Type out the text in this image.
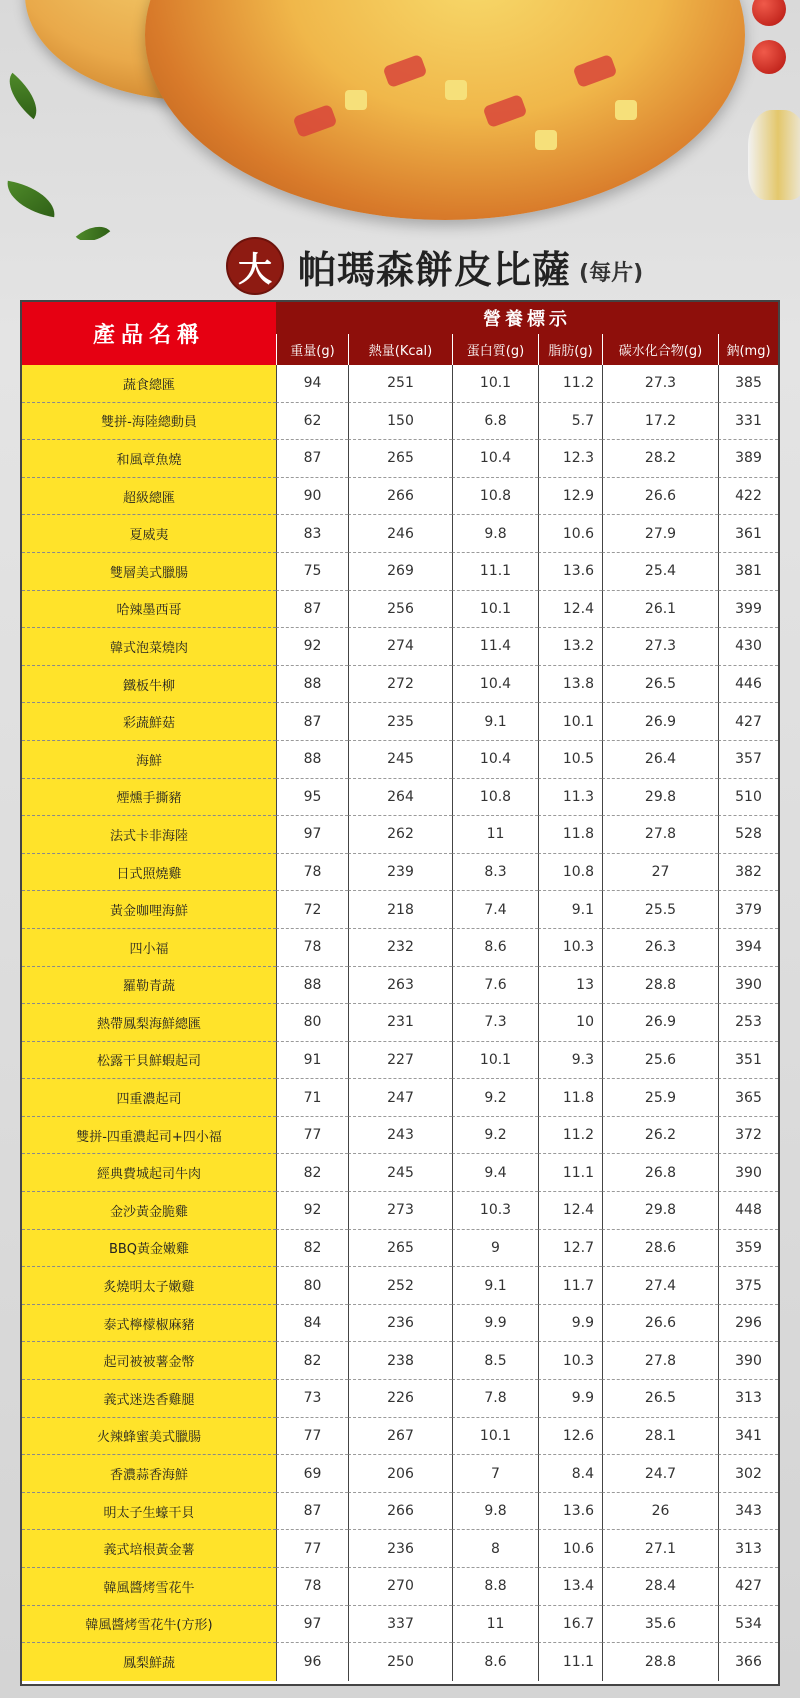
大 帕瑪森餅皮比薩 (每片)
產品名稱
營養標示
重量(g)	熱量(Kcal)	蛋白質(g)	脂肪(g)	碳水化合物(g)	鈉(mg)
蔬食總匯	94	251	10.1	11.2	27.3	385
雙拼-海陸總動員	62	150	6.8	5.7	17.2	331
和風章魚燒	87	265	10.4	12.3	28.2	389
超級總匯	90	266	10.8	12.9	26.6	422
夏威夷	83	246	9.8	10.6	27.9	361
雙層美式臘腸	75	269	11.1	13.6	25.4	381
哈辣墨西哥	87	256	10.1	12.4	26.1	399
韓式泡菜燒肉	92	274	11.4	13.2	27.3	430
鐵板牛柳	88	272	10.4	13.8	26.5	446
彩蔬鮮菇	87	235	9.1	10.1	26.9	427
海鮮	88	245	10.4	10.5	26.4	357
煙燻手撕豬	95	264	10.8	11.3	29.8	510
法式卡非海陸	97	262	11	11.8	27.8	528
日式照燒雞	78	239	8.3	10.8	27	382
黃金咖哩海鮮	72	218	7.4	9.1	25.5	379
四小福	78	232	8.6	10.3	26.3	394
羅勒青蔬	88	263	7.6	13	28.8	390
熱帶鳳梨海鮮總匯	80	231	7.3	10	26.9	253
松露干貝鮮蝦起司	91	227	10.1	9.3	25.6	351
四重濃起司	71	247	9.2	11.8	25.9	365
雙拼-四重濃起司+四小福	77	243	9.2	11.2	26.2	372
經典費城起司牛肉	82	245	9.4	11.1	26.8	390
金沙黃金脆雞	92	273	10.3	12.4	29.8	448
BBQ黃金嫩雞	82	265	9	12.7	28.6	359
炙燒明太子嫩雞	80	252	9.1	11.7	27.4	375
泰式檸檬椒麻豬	84	236	9.9	9.9	26.6	296
起司被被薯金幣	82	238	8.5	10.3	27.8	390
義式迷迭香雞腿	73	226	7.8	9.9	26.5	313
火辣蜂蜜美式臘腸	77	267	10.1	12.6	28.1	341
香濃蒜香海鮮	69	206	7	8.4	24.7	302
明太子生蠔干貝	87	266	9.8	13.6	26	343
義式培根黃金薯	77	236	8	10.6	27.1	313
韓風醬烤雪花牛	78	270	8.8	13.4	28.4	427
韓風醬烤雪花牛(方形)	97	337	11	16.7	35.6	534
鳳梨鮮蔬	96	250	8.6	11.1	28.8	366
